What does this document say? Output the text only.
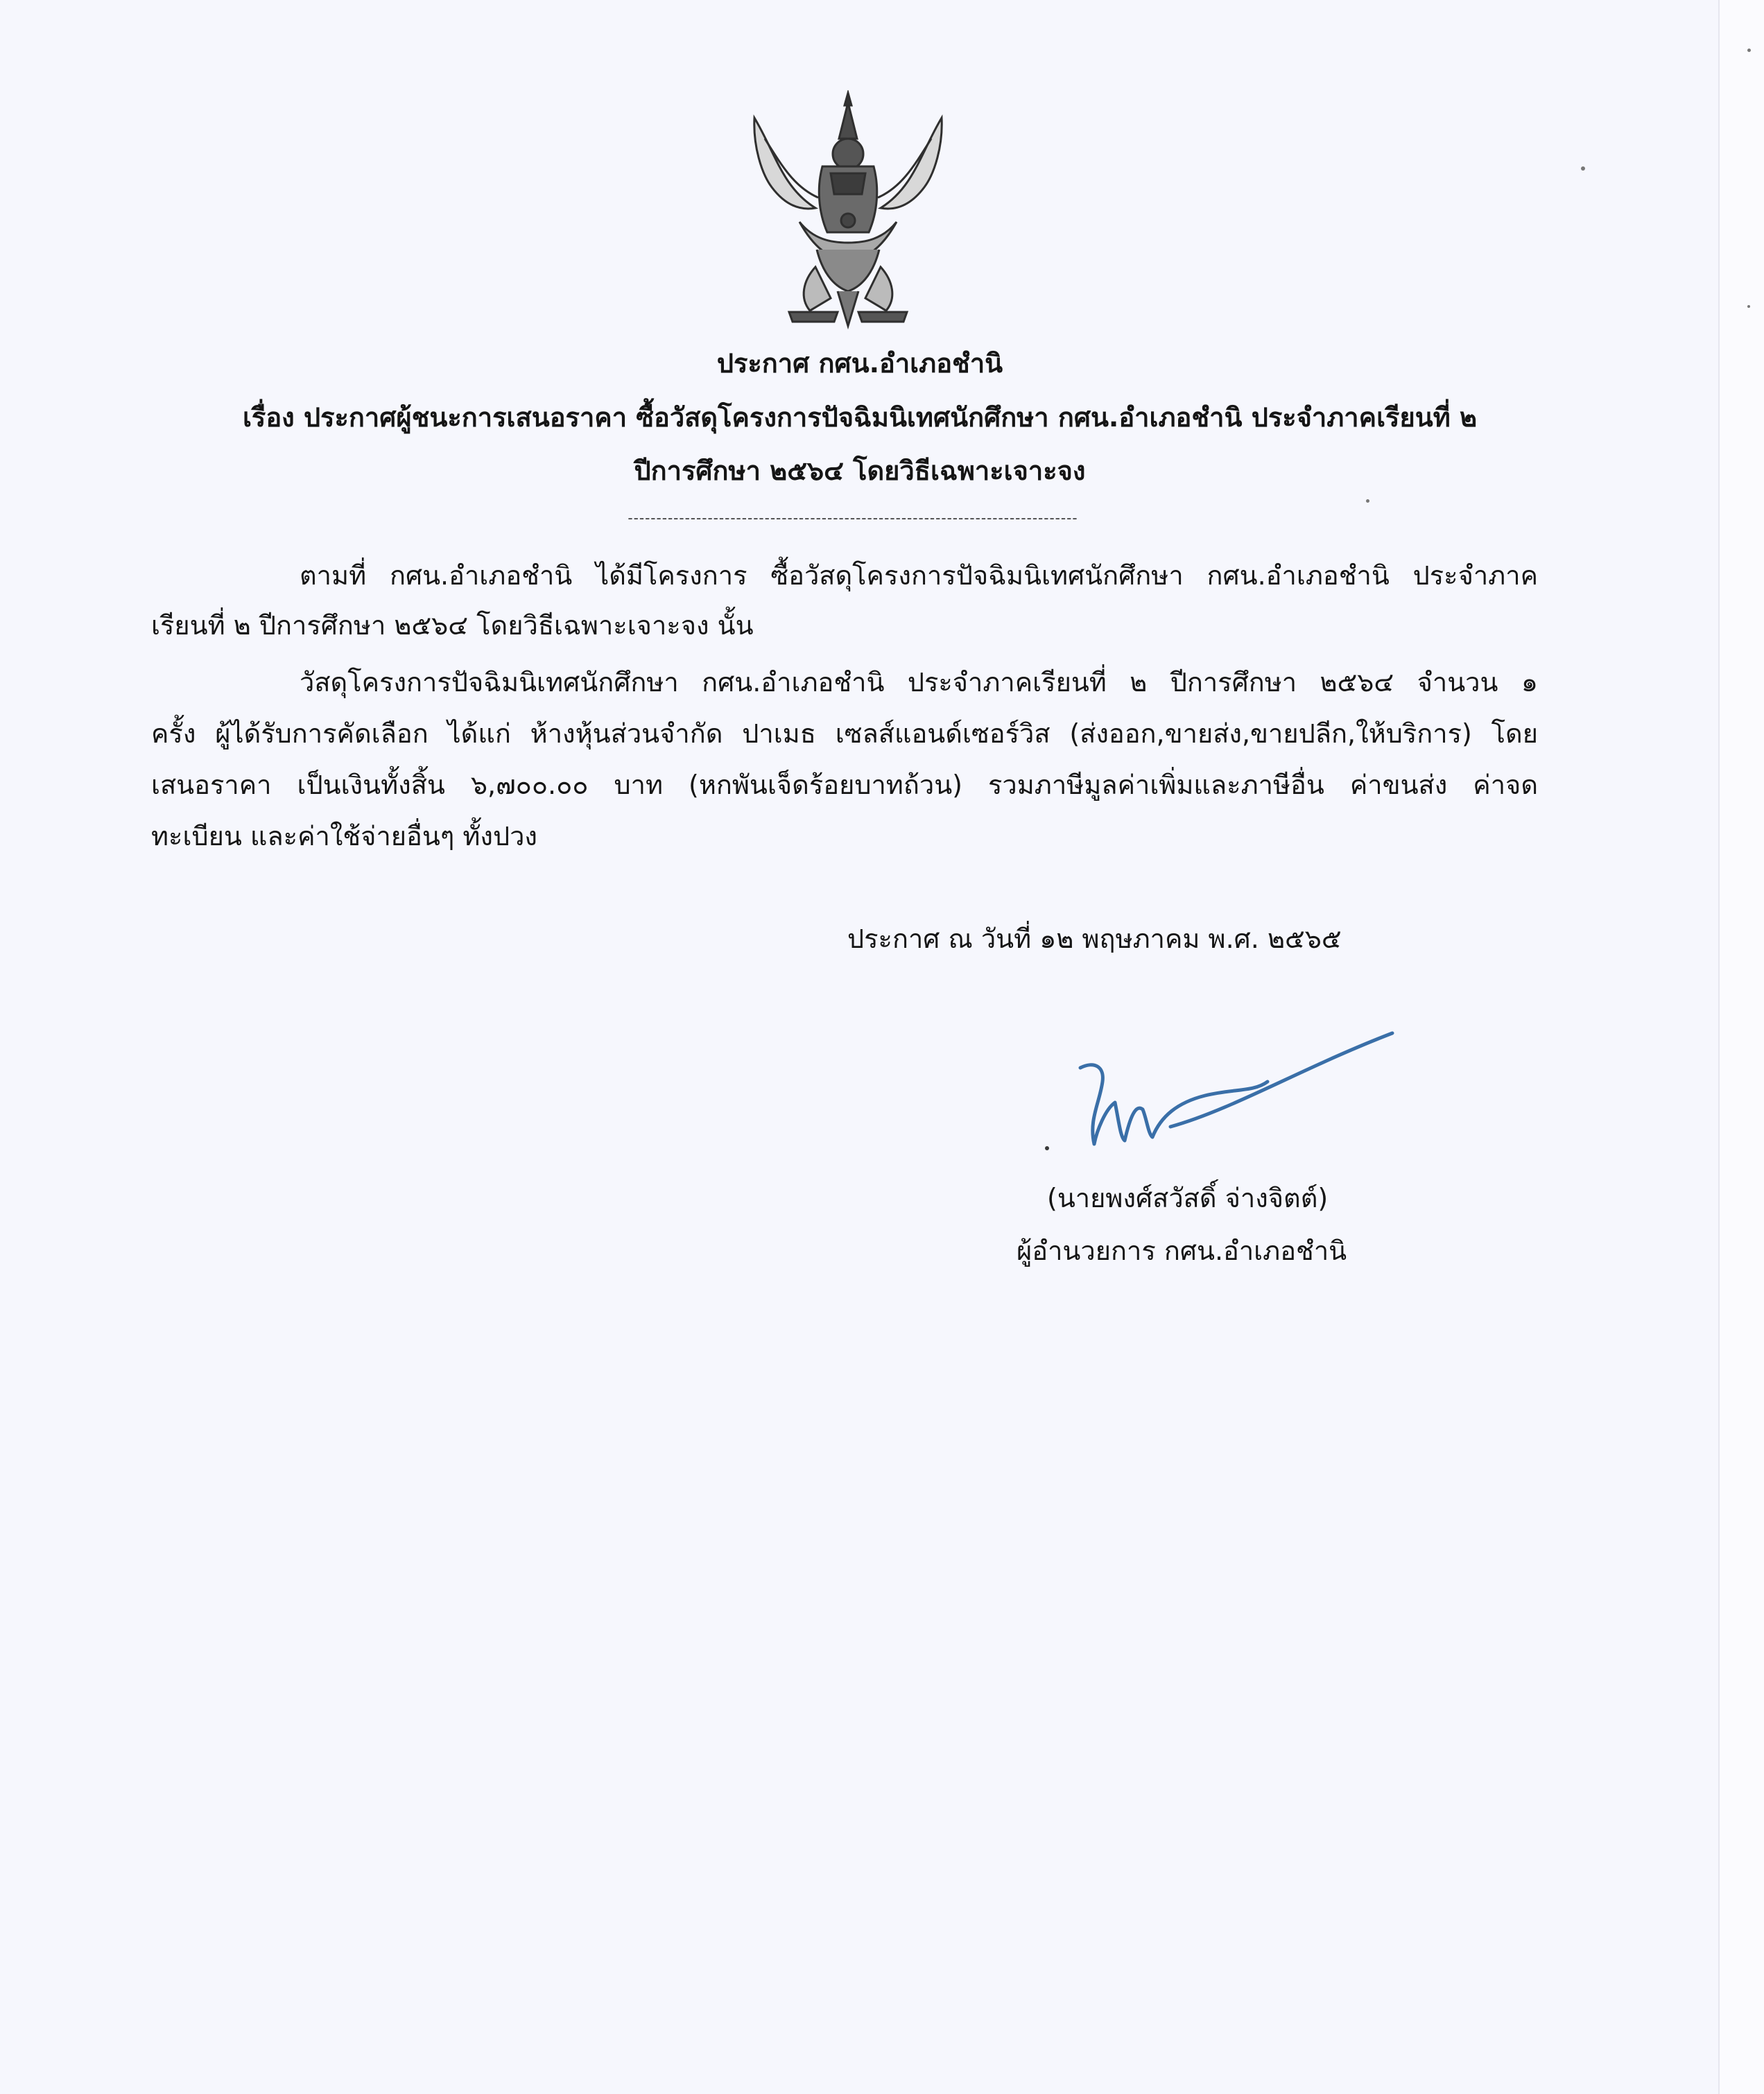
ประกาศ กศน.อำเภอชำนิ
เรื่อง ประกาศผู้ชนะการเสนอราคา ซื้อวัสดุโครงการปัจฉิมนิเทศนักศึกษา กศน.อำเภอชำนิ ประจำภาคเรียนที่ ๒
ปีการศึกษา ๒๕๖๔ โดยวิธีเฉพาะเจาะจง
-------------------------------------------------------------------------------
ตามที่ กศน.อำเภอชำนิ ได้มีโครงการ ซื้อวัสดุโครงการปัจฉิมนิเทศนักศึกษา กศน.อำเภอชำนิ ประจำภาค
เรียนที่ ๒ ปีการศึกษา ๒๕๖๔ โดยวิธีเฉพาะเจาะจง นั้น
วัสดุโครงการปัจฉิมนิเทศนักศึกษา กศน.อำเภอชำนิ ประจำภาคเรียนที่ ๒ ปีการศึกษา ๒๕๖๔ จำนวน ๑
ครั้ง ผู้ได้รับการคัดเลือก ได้แก่ ห้างหุ้นส่วนจำกัด ปาเมธ เซลส์แอนด์เซอร์วิส (ส่งออก,ขายส่ง,ขายปลีก,ให้บริการ) โดย
เสนอราคา เป็นเงินทั้งสิ้น ๖,๗๐๐.๐๐ บาท (หกพันเจ็ดร้อยบาทถ้วน) รวมภาษีมูลค่าเพิ่มและภาษีอื่น ค่าขนส่ง ค่าจด
ทะเบียน และค่าใช้จ่ายอื่นๆ ทั้งปวง
ประกาศ ณ วันที่ ๑๒ พฤษภาคม พ.ศ. ๒๕๖๕
(นายพงศ์สวัสดิ์ จ่างจิตต์)
ผู้อำนวยการ กศน.อำเภอชำนิ
